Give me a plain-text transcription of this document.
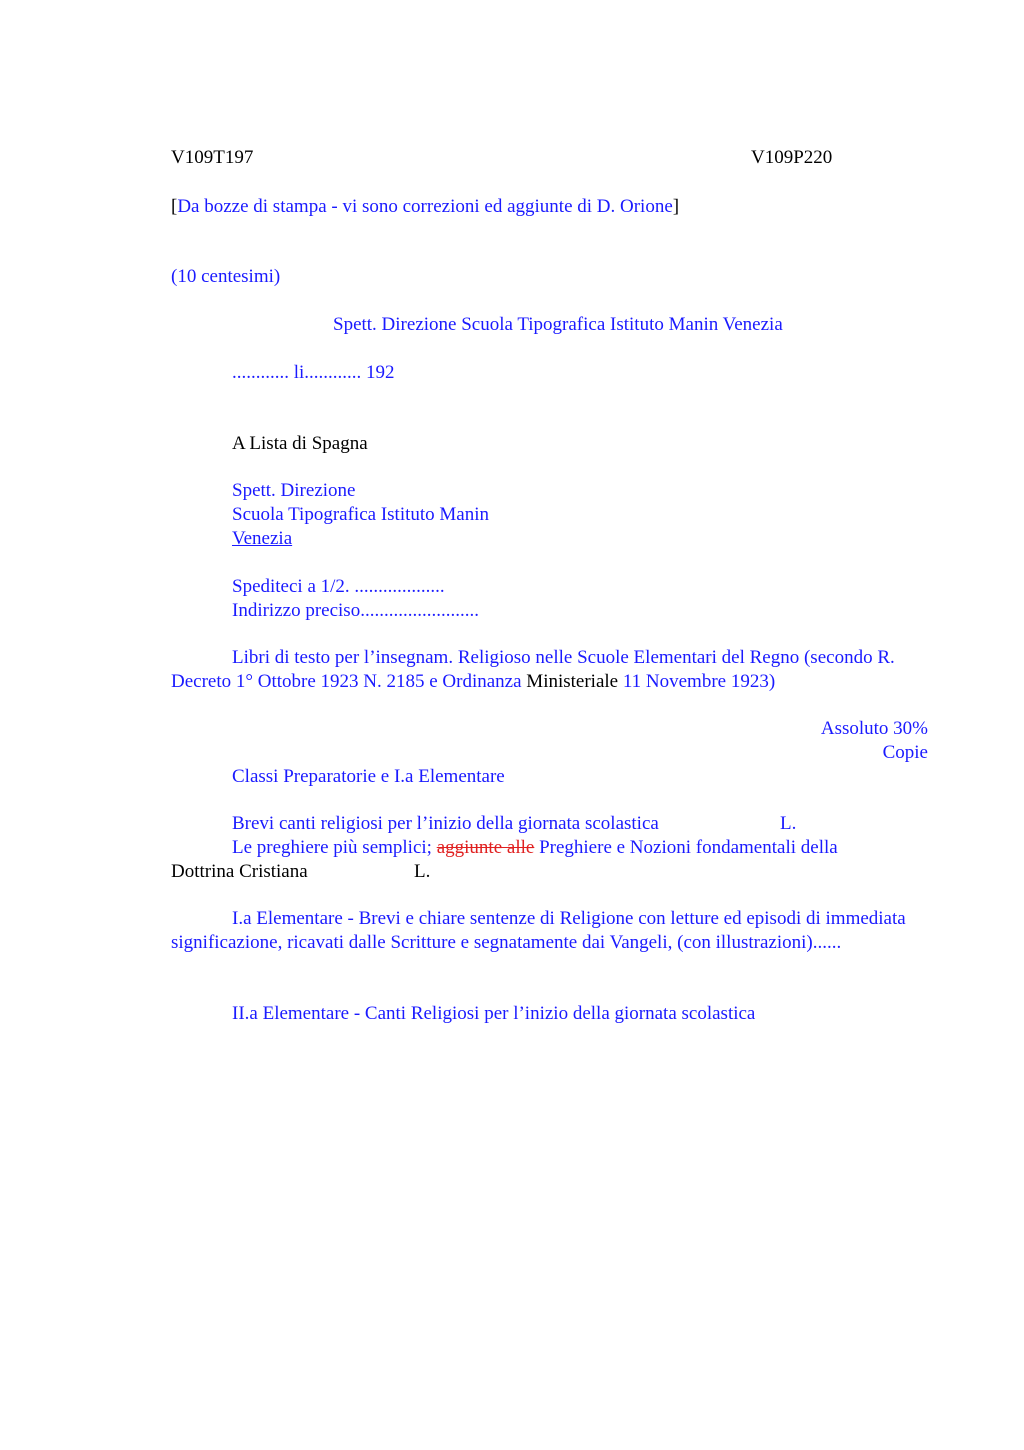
V109T197	V109P220
[Da bozze di stampa - vi sono correzioni ed aggiunte di D. Orione]
(10 centesimi)
Spett. Direzione Scuola Tipografica Istituto Manin Venezia
............ li............ 192
A Lista di Spagna
Spett. Direzione
Scuola Tipografica Istituto Manin
Venezia
Spediteci a 1/2. ...................
Indirizzo preciso.........................

Libri di testo per l’insegnam. Religioso nelle Scuole Elementari del Regno (secondo R. Decreto 1° Ottobre 1923 N. 2185 e Ordinanza Ministeriale 11 Novembre 1923)

Assoluto 30%
Copie
Classi Preparatorie e I.a Elementare
Brevi canti religiosi per l’inizio della giornata scolastica	L.
Le preghiere più semplici; aggiunte alle Preghiere e Nozioni fondamentali della
Dottrina Cristiana	L.

I.a Elementare - Brevi e chiare sentenze di Religione con letture ed episodi di immediata significazione, ricavati dalle Scritture e segnatamente dai Vangeli, (con illustrazioni)......

II.a Elementare - Canti Religiosi per l’inizio della giornata scolastica
